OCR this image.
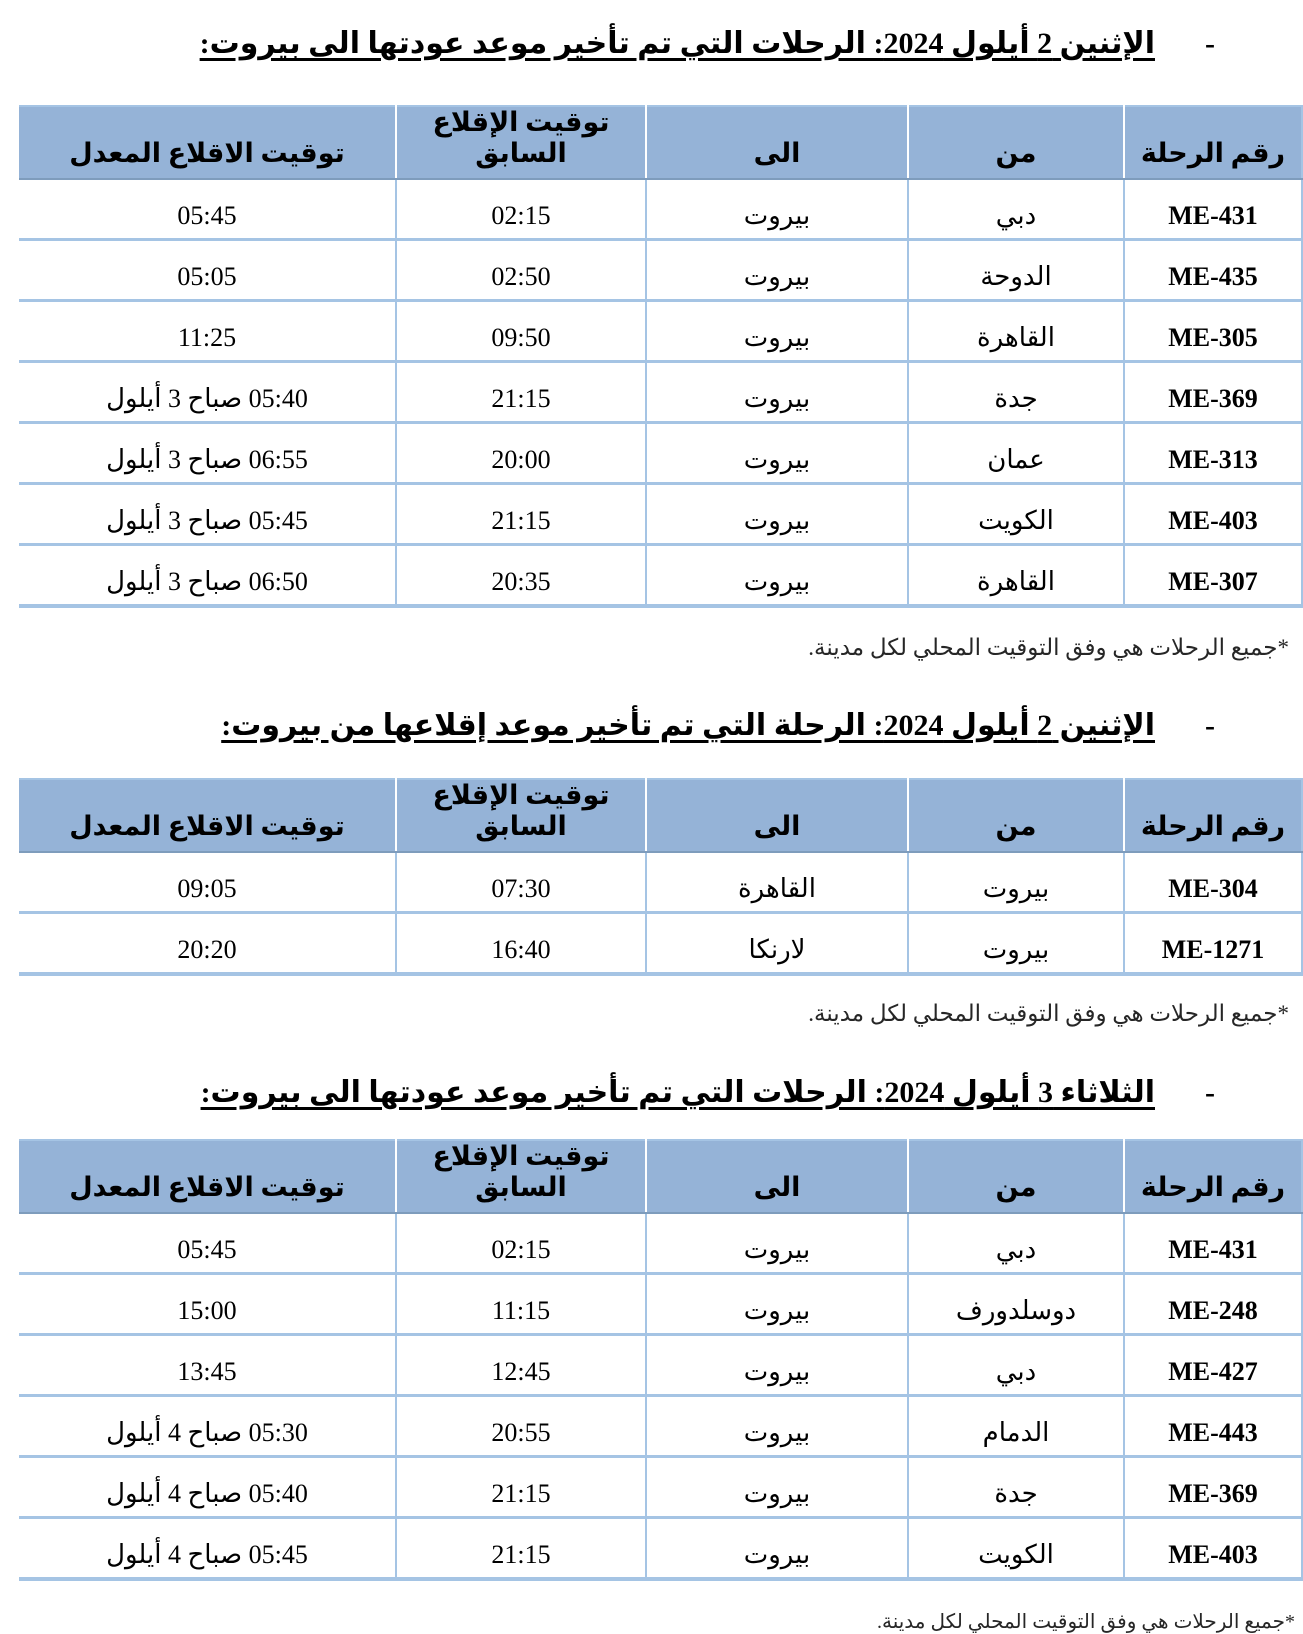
-الإثنين 2 أيلول 2024: الرحلات التي تم تأخير موعد عودتها الى بيروت:
رقم الرحلة	من	الى	توقيت الإقلاع السابق	توقيت الاقلاع المعدل
ME-431	دبي	بيروت	02:15	05:45
ME-435	الدوحة	بيروت	02:50	05:05
ME-305	القاهرة	بيروت	09:50	11:25
ME-369	جدة	بيروت	21:15	05:40 صباح 3 أيلول
ME-313	عمان	بيروت	20:00	06:55 صباح 3 أيلول
ME-403	الكويت	بيروت	21:15	05:45 صباح 3 أيلول
ME-307	القاهرة	بيروت	20:35	06:50 صباح 3 أيلول
*جميع الرحلات هي وفق التوقيت المحلي لكل مدينة.
-الإثنين 2 أيلول 2024: الرحلة التي تم تأخير موعد إقلاعها من بيروت:
رقم الرحلة	من	الى	توقيت الإقلاع السابق	توقيت الاقلاع المعدل
ME-304	بيروت	القاهرة	07:30	09:05
ME-1271	بيروت	لارنكا	16:40	20:20
*جميع الرحلات هي وفق التوقيت المحلي لكل مدينة.
-الثلاثاء 3 أيلول 2024: الرحلات التي تم تأخير موعد عودتها الى بيروت:
رقم الرحلة	من	الى	توقيت الإقلاع السابق	توقيت الاقلاع المعدل
ME-431	دبي	بيروت	02:15	05:45
ME-248	دوسلدورف	بيروت	11:15	15:00
ME-427	دبي	بيروت	12:45	13:45
ME-443	الدمام	بيروت	20:55	05:30 صباح 4 أيلول
ME-369	جدة	بيروت	21:15	05:40 صباح 4 أيلول
ME-403	الكويت	بيروت	21:15	05:45 صباح 4 أيلول
*جميع الرحلات هي وفق التوقيت المحلي لكل مدينة.
